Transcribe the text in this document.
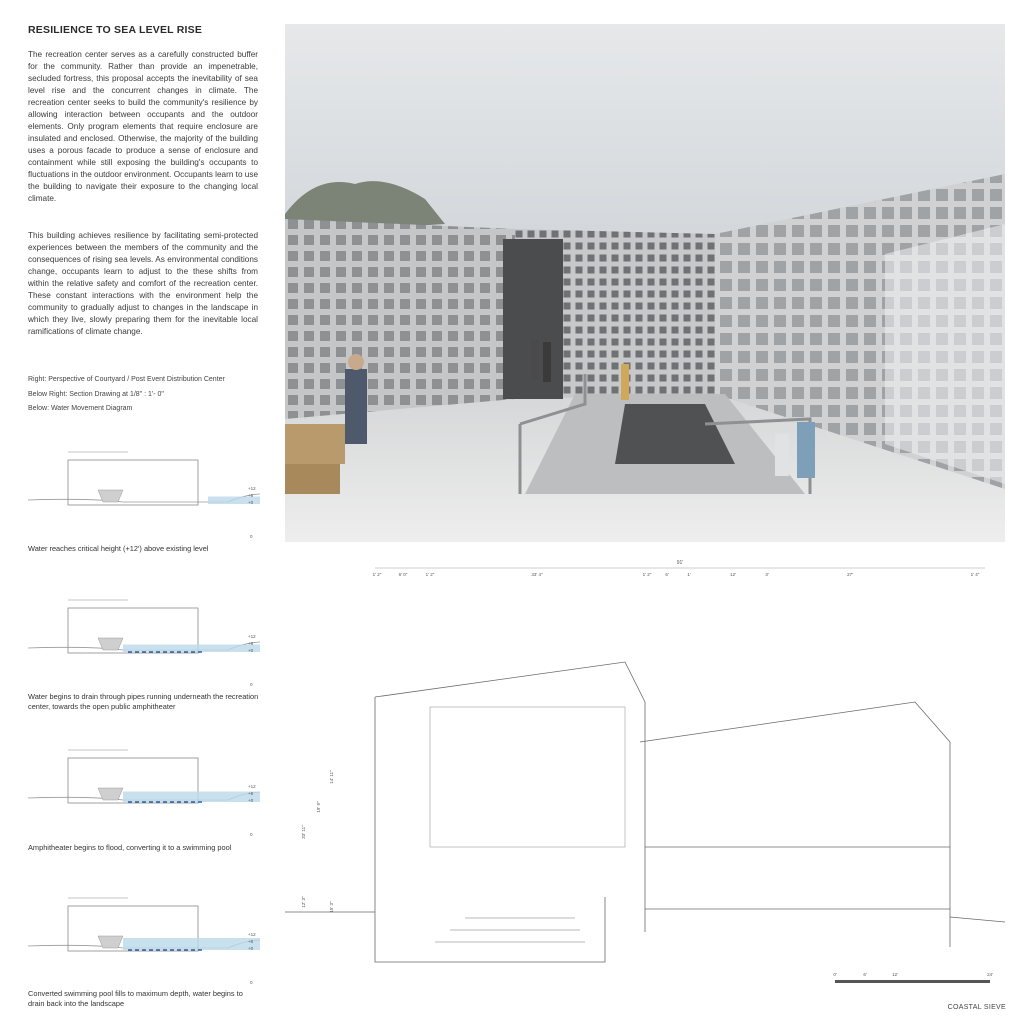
RESILIENCE TO SEA LEVEL RISE
The recreation center serves as a carefully constructed buffer for the community. Rather than provide an impenetrable, secluded fortress, this proposal accepts the inevitability of sea level rise and the concurrent changes in climate. The recreation center seeks to build the community's resilience by allowing interaction between occupants and the outdoor elements. Only program elements that require enclosure are insulated and enclosed. Otherwise, the majority of the building uses a porous facade to produce a sense of enclosure and containment while still exposing the building's occupants to fluctuations in the outdoor environment. Occupants learn to use the building to navigate their exposure to the changing local climate.
This building achieves resilience by facilitating semi-protected experiences between the members of the community and the consequences of rising sea levels. As environmental conditions change, occupants learn to adjust to the these shifts from within the relative safety and comfort of the recreation center. These constant interactions with the environment help the community to gradually adjust to changes in the landscape in which they live, slowly preparing them for the inevitable local ramifications of climate change.
Right: Perspective of Courtyard / Post Event Distribution Center
Below Right: Section Drawing at 1/8" : 1'- 0"
Below: Water Movement Diagram
Water reaches critical height (+12') above existing level
Water begins to drain through pipes running underneath the recreation center, towards the open public amphitheater
Amphitheater begins to flood, converting it to a swimming pool
Converted swimming pool fills to maximum depth, water begins to drain back into the landscape
91'
1' 2"	6' 0"	1' 2"	33' 4"	1' 2"	6'	1'	12'	3'	27'	1' 4"
33' 11"
19' 9"
14' 11"
12' 3"	15' 3"
0'	6'	12'	24'
COASTAL SIEVE
+12
+6
+0
0
+12
+6
+0
0
+12
+6
+0
0
+12
+6
+0
0
